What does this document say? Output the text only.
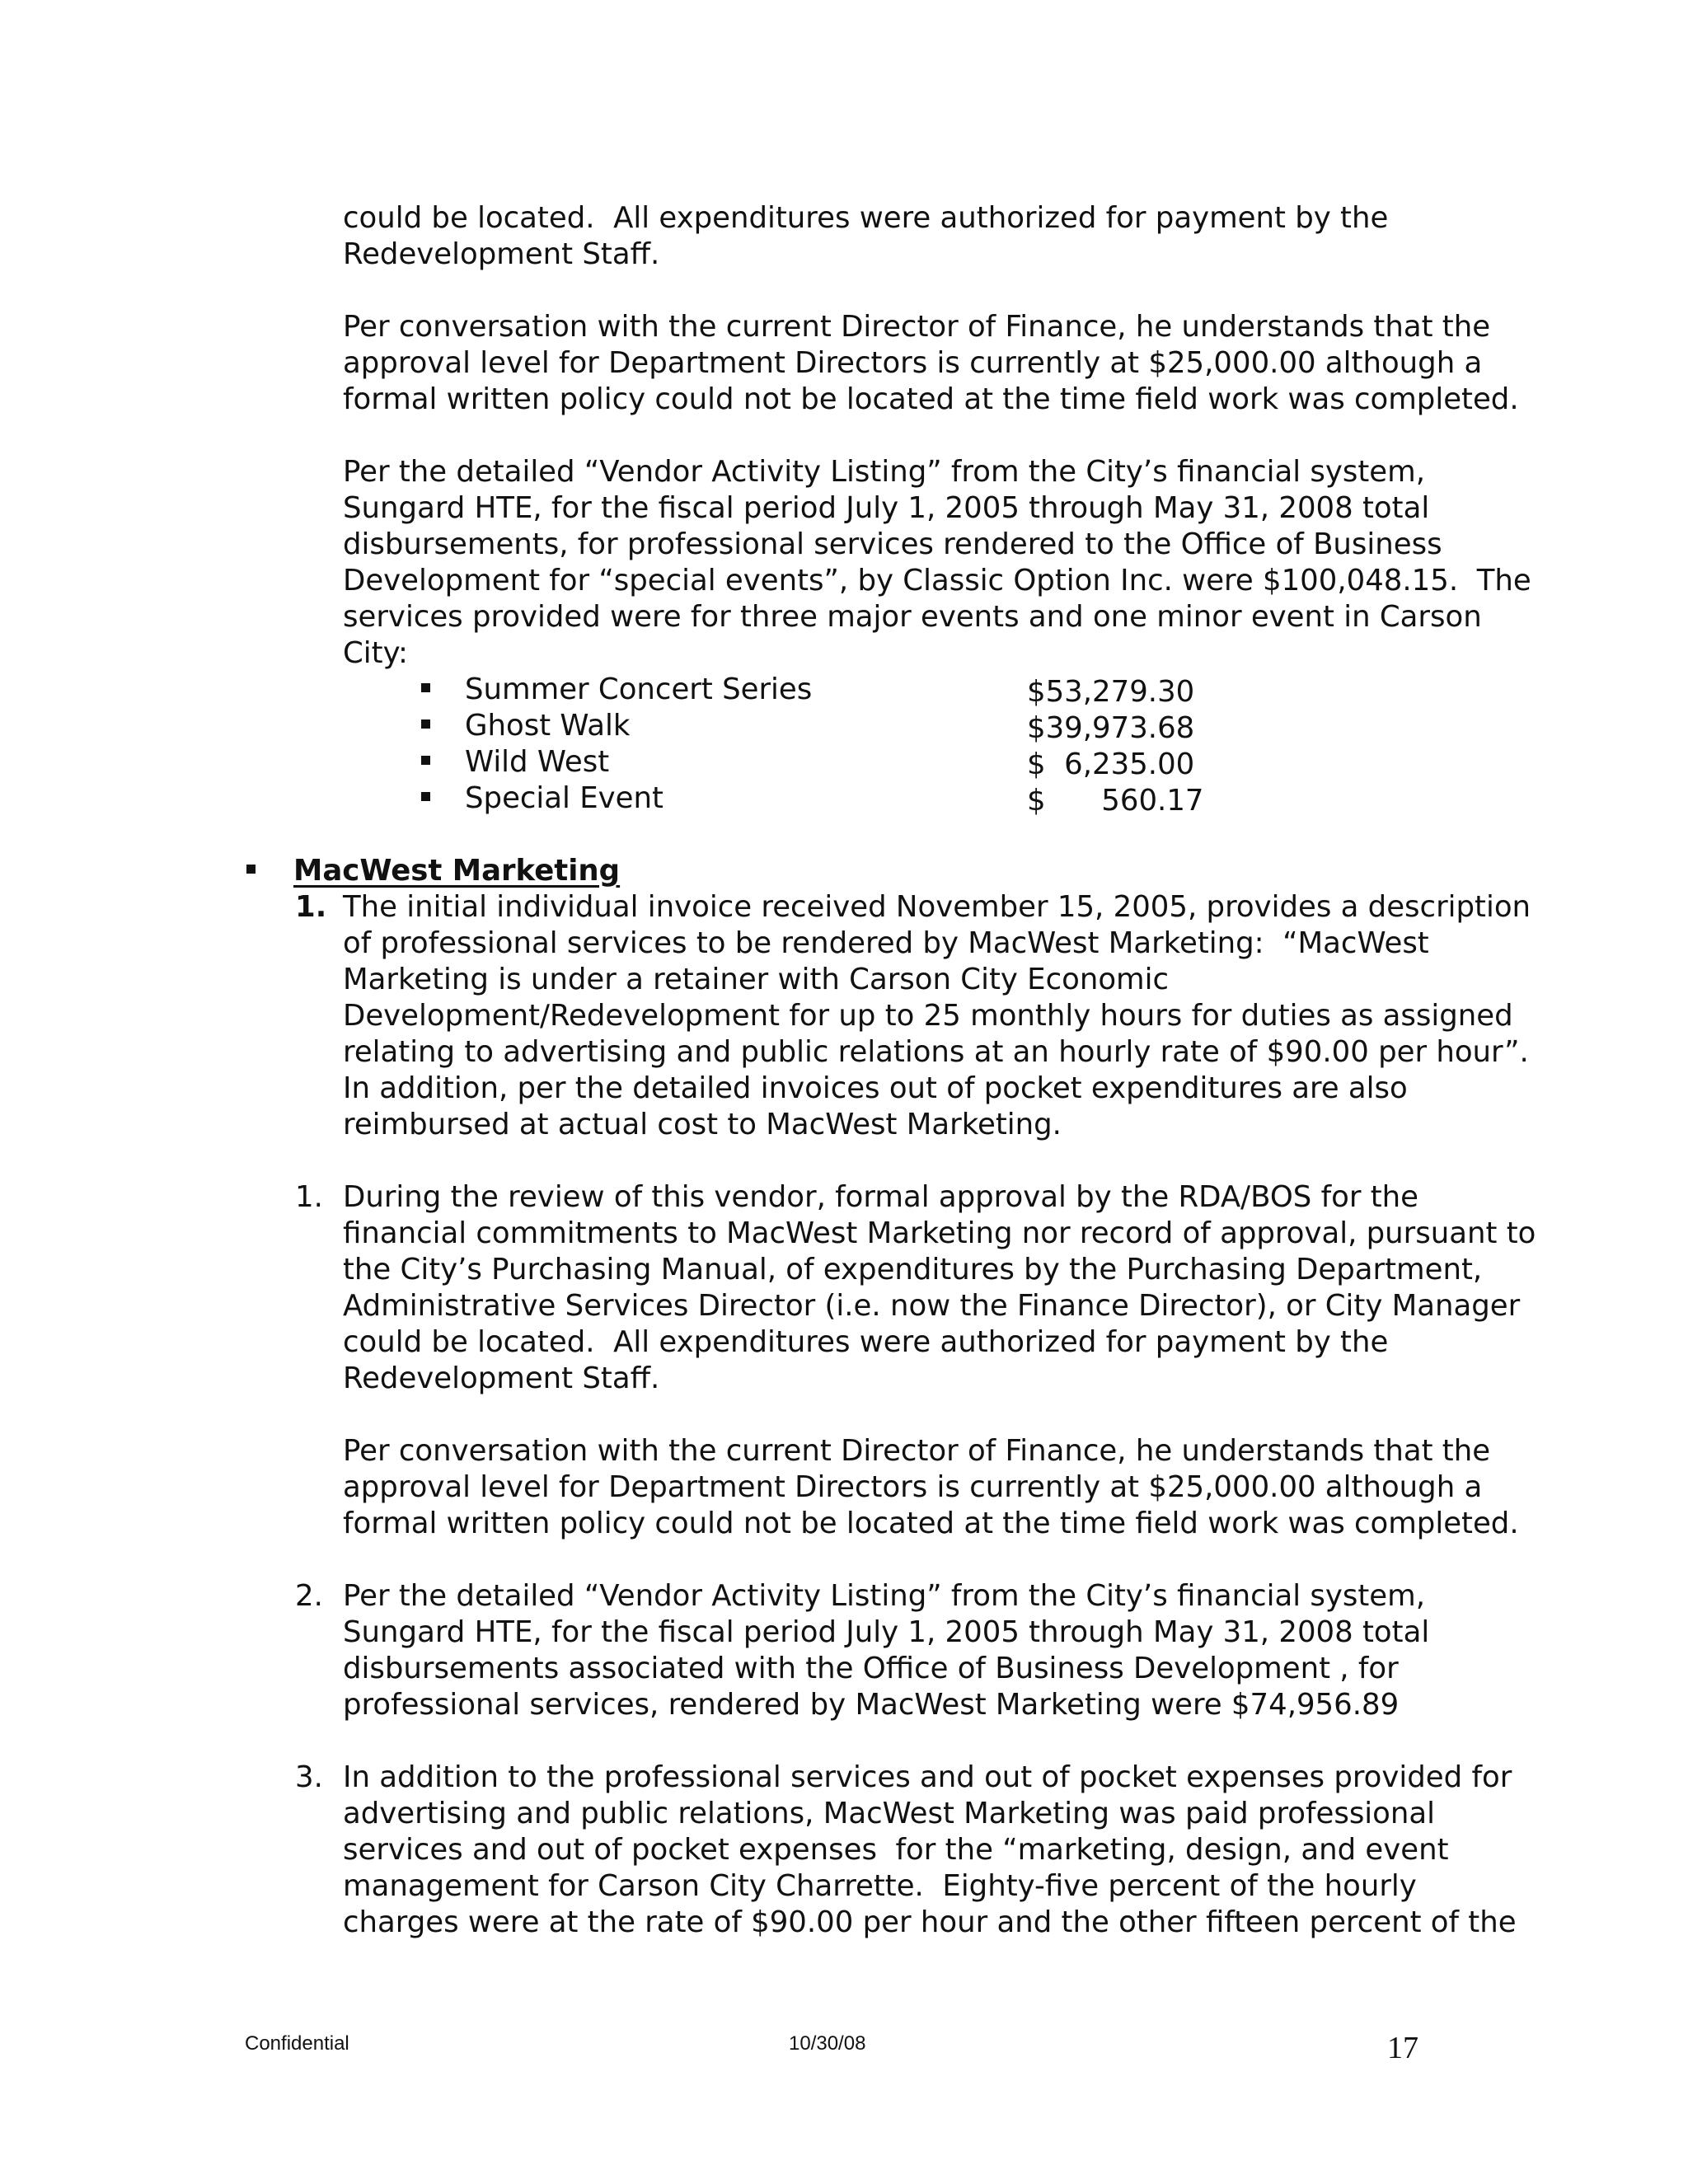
could be located.  All expenditures were authorized for payment by the
Redevelopment Staff.
Per conversation with the current Director of Finance, he understands that the
approval level for Department Directors is currently at $25,000.00 although a
formal written policy could not be located at the time field work was completed.
Per the detailed “Vendor Activity Listing” from the City’s financial system,
Sungard HTE, for the fiscal period July 1, 2005 through May 31, 2008 total
disbursements, for professional services rendered to the Office of Business
Development for “special events”, by Classic Option Inc. were $100,048.15.  The
services provided were for three major events and one minor event in Carson
City:
Summer Concert Series	$53,279.30
Ghost Walk	$39,973.68
Wild West	$  6,235.00
Special Event	$      560.17
MacWest Marketing
1. The initial individual invoice received November 15, 2005, provides a description
of professional services to be rendered by MacWest Marketing:  “MacWest
Marketing is under a retainer with Carson City Economic
Development/Redevelopment for up to 25 monthly hours for duties as assigned
relating to advertising and public relations at an hourly rate of $90.00 per hour”.
In addition, per the detailed invoices out of pocket expenditures are also
reimbursed at actual cost to MacWest Marketing.
1. During the review of this vendor, formal approval by the RDA/BOS for the
financial commitments to MacWest Marketing nor record of approval, pursuant to
the City’s Purchasing Manual, of expenditures by the Purchasing Department,
Administrative Services Director (i.e. now the Finance Director), or City Manager
could be located.  All expenditures were authorized for payment by the
Redevelopment Staff.
Per conversation with the current Director of Finance, he understands that the
approval level for Department Directors is currently at $25,000.00 although a
formal written policy could not be located at the time field work was completed.
2. Per the detailed “Vendor Activity Listing” from the City’s financial system,
Sungard HTE, for the fiscal period July 1, 2005 through May 31, 2008 total
disbursements associated with the Office of Business Development , for
professional services, rendered by MacWest Marketing were $74,956.89
3. In addition to the professional services and out of pocket expenses provided for
advertising and public relations, MacWest Marketing was paid professional
services and out of pocket expenses  for the “marketing, design, and event
management for Carson City Charrette.  Eighty-five percent of the hourly
charges were at the rate of $90.00 per hour and the other fifteen percent of the
Confidential	10/30/08	17
